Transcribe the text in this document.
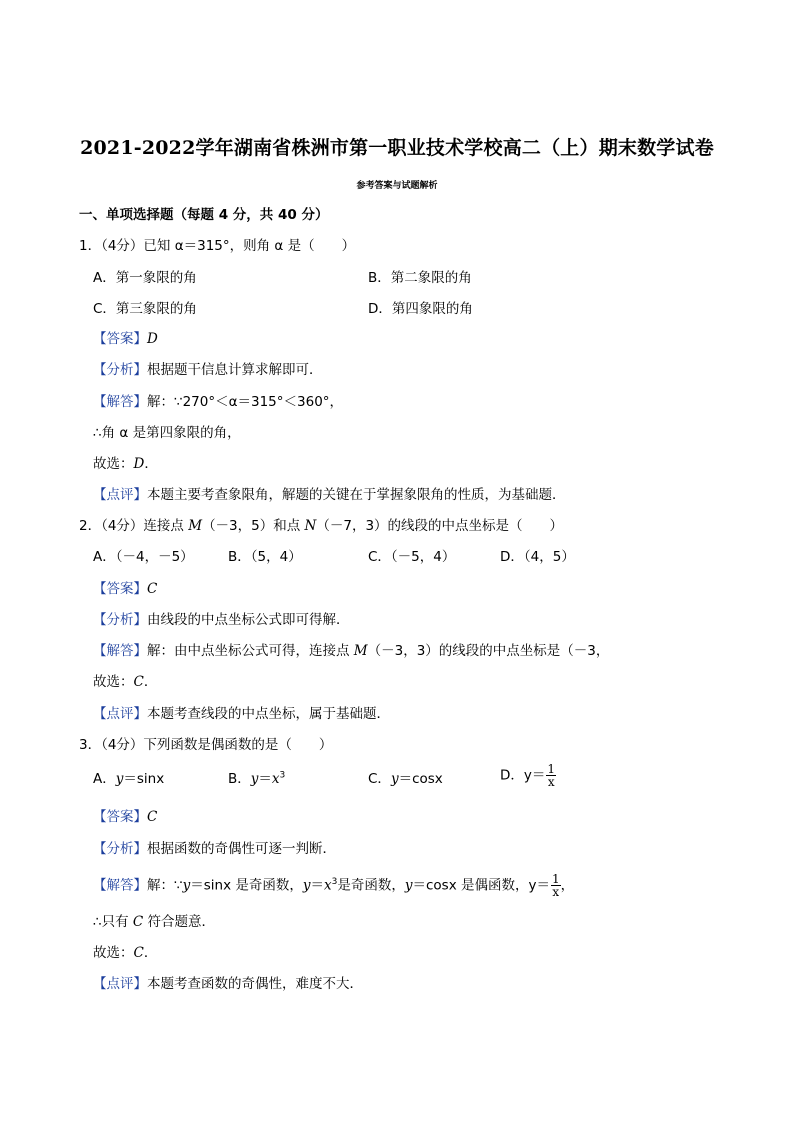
2021-2022学年湖南省株洲市第一职业技术学校高二（上）期末数学试卷
参考答案与试题解析
一、单项选择题（每题 4 分，共 40 分）
1．（4分）已知 α＝315°，则角 α 是（　　）
A．第一象限的角	B．第二象限的角
C．第三象限的角	D．第四象限的角
【答案】D
【分析】根据题干信息计算求解即可．
【解答】解：∵270°＜α＝315°＜360°，
∴角 α 是第四象限的角，
故选：D．
【点评】本题主要考查象限角，解题的关键在于掌握象限角的性质，为基础题．
2．（4分）连接点 M（－3，5）和点 N（－7，3）的线段的中点坐标是（　　）
A．（－4，－5）	B．（5，4）	C．（－5，4）	D．（4，5）
【答案】C
【分析】由线段的中点坐标公式即可得解．
【解答】解：由中点坐标公式可得，连接点 M（－3，3）的线段的中点坐标是（－3，
故选：C．
【点评】本题考查线段的中点坐标，属于基础题．
3．（4分）下列函数是偶函数的是（　　）
A．y＝sinx	B．$y=x^3$	C．y＝cosx	D．$y= \frac{1}{x}$
【答案】C
【分析】根据函数的奇偶性可逐一判断．
【解答】解：∵y＝sinx 是奇函数，$y=x^3$是奇函数，y＝cosx 是偶函数，$y= \frac{1}{x}$ ，
∴只有 C 符合题意．
故选：C．
【点评】本题考查函数的奇偶性，难度不大．
